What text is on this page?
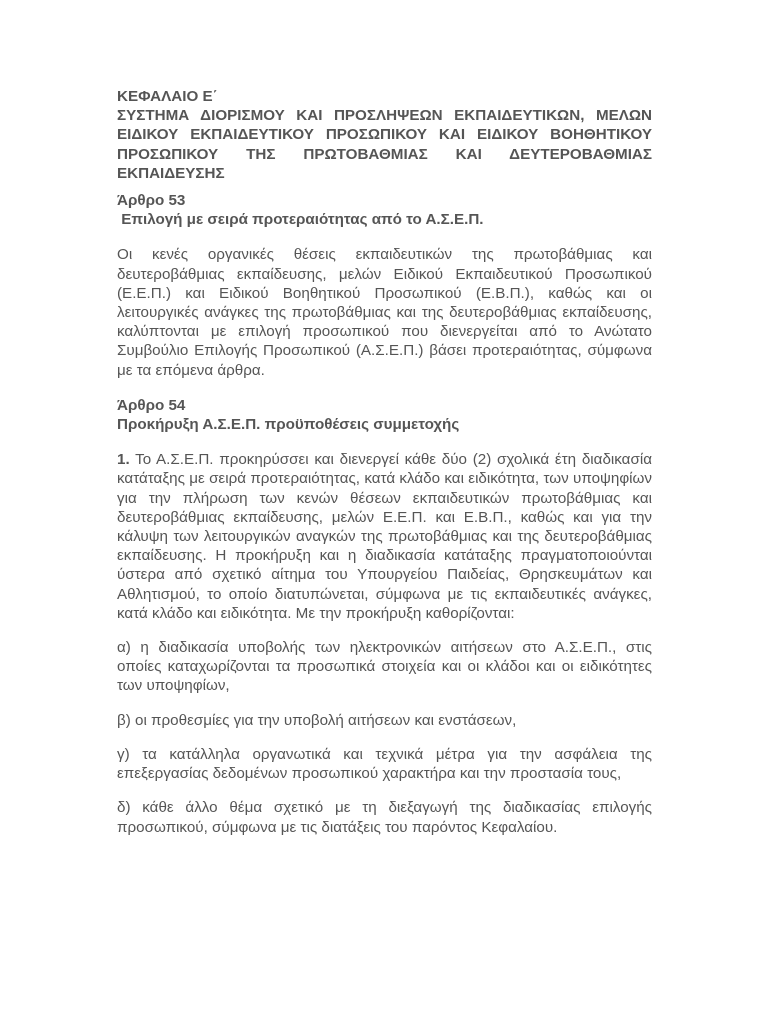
ΚΕΦΑΛΑΙΟ Ε΄

ΣΥΣΤΗΜΑ ΔΙΟΡΙΣΜΟΥ ΚΑΙ ΠΡΟΣΛΗΨΕΩΝ ΕΚΠΑΙΔΕΥΤΙΚΩΝ, ΜΕΛΩΝ ΕΙΔΙΚΟΥ ΕΚΠΑΙΔΕΥΤΙΚΟΥ ΠΡΟΣΩΠΙΚΟΥ ΚΑΙ ΕΙΔΙΚΟΥ ΒΟΗΘΗΤΙΚΟΥ ΠΡΟΣΩΠΙΚΟΥ ΤΗΣ ΠΡΩΤΟΒΑΘΜΙΑΣ ΚΑΙ ΔΕΥΤΕΡΟΒΑΘΜΙΑΣ ΕΚΠΑΙΔΕΥΣΗΣ

Άρθρο 53

Επιλογή με σειρά προτεραιότητας από το Α.Σ.Ε.Π.

Οι κενές οργανικές θέσεις εκπαιδευτικών της πρωτοβάθμιας και δευτεροβάθμιας εκπαίδευσης, μελών Ειδικού Εκπαιδευτικού Προσωπικού (Ε.Ε.Π.) και Ειδικού Βοηθητικού Προσωπικού (Ε.Β.Π.), καθώς και οι λειτουργικές ανάγκες της πρωτοβάθμιας και της δευτεροβάθμιας εκπαίδευσης, καλύπτονται με επιλογή προσωπικού που διενεργείται από το Ανώτατο Συμβούλιο Επιλογής Προσωπικού (Α.Σ.Ε.Π.) βάσει προτεραιότητας, σύμφωνα με τα επόμενα άρθρα.

Άρθρο 54

Προκήρυξη Α.Σ.Ε.Π. προϋποθέσεις συμμετοχής

1. Το Α.Σ.Ε.Π. προκηρύσσει και διενεργεί κάθε δύο (2) σχολικά έτη διαδικασία κατάταξης με σειρά προτεραιότητας, κατά κλάδο και ειδικότητα, των υποψηφίων για την πλήρωση των κενών θέσεων εκπαιδευτικών πρωτοβάθμιας και δευτεροβάθμιας εκπαίδευσης, μελών Ε.Ε.Π. και Ε.Β.Π., καθώς και για την κάλυψη των λειτουργικών αναγκών της πρωτοβάθμιας και της δευτεροβάθμιας εκπαίδευσης. Η προκήρυξη και η διαδικασία κατάταξης πραγματοποιούνται ύστερα από σχετικό αίτημα του Υπουργείου Παιδείας, Θρησκευμάτων και Αθλητισμού, το οποίο διατυπώνεται, σύμφωνα με τις εκπαιδευτικές ανάγκες, κατά κλάδο και ειδικότητα. Με την προκήρυξη καθορίζονται:

α) η διαδικασία υποβολής των ηλεκτρονικών αιτήσεων στο Α.Σ.Ε.Π., στις οποίες καταχωρίζονται τα προσωπικά στοιχεία και οι κλάδοι και οι ειδικότητες των υποψηφίων,

β) οι προθεσμίες για την υποβολή αιτήσεων και ενστάσεων,

γ) τα κατάλληλα οργανωτικά και τεχνικά μέτρα για την ασφάλεια της επεξεργασίας δεδομένων προσωπικού χαρακτήρα και την προστασία τους,

δ) κάθε άλλο θέμα σχετικό με τη διεξαγωγή της διαδικασίας επιλογής προσωπικού, σύμφωνα με τις διατάξεις του παρόντος Κεφαλαίου.
